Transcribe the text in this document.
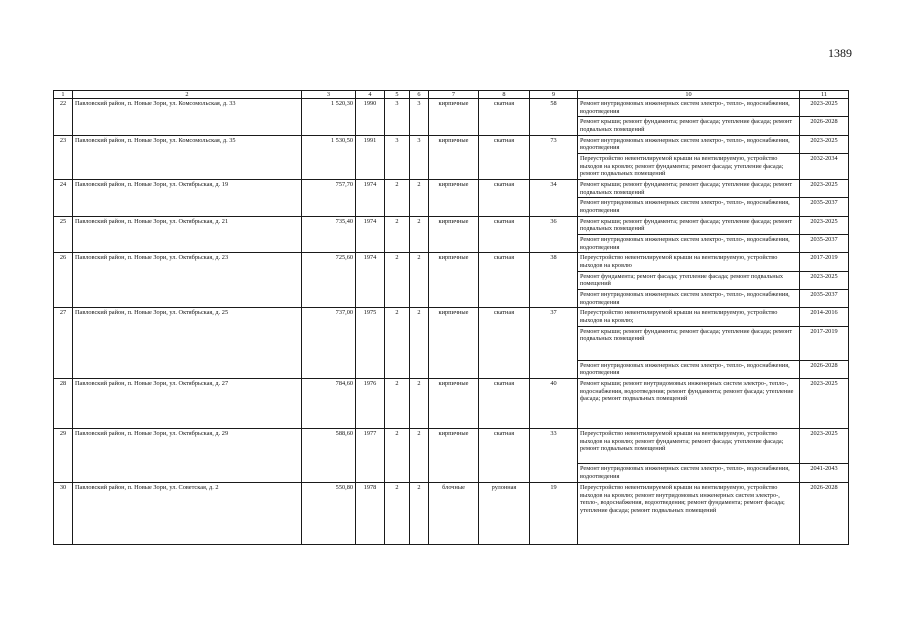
1389
1	2	3	4	5	6	7	8	9	10	11
22	Павловский район, п. Новые Зори, ул. Комсомольская, д. 33	1 520,30	1990	3	3	кирпичные	скатная	58	Ремонт внутридомовых инженерных систем электро-, тепло-, водоснабжения, водоотведения	2023-2025
									Ремонт крыши; ремонт фундамента; ремонт фасада; утепление фасада; ремонт подвальных помещений	2026-2028
23	Павловский район, п. Новые Зори, ул. Комсомольская, д. 35	1 530,50	1991	3	3	кирпичные	скатная	73	Ремонт внутридомовых инженерных систем электро-, тепло-, водоснабжения, водоотведения	2023-2025
									Переустройство невентилируемой крыши на вентилируемую, устройство выходов на кровлю; ремонт фундамента; ремонт фасада; утепление фасада; ремонт подвальных помещений	2032-2034
24	Павловский район, п. Новые Зори, ул. Октябрьская, д. 19	757,70	1974	2	2	кирпичные	скатная	34	Ремонт крыши; ремонт фундамента; ремонт фасада; утепление фасада; ремонт подвальных помещений	2023-2025
									Ремонт внутридомовых инженерных систем электро-, тепло-, водоснабжения, водоотведения	2035-2037
25	Павловский район, п. Новые Зори, ул. Октябрьская, д. 21	735,40	1974	2	2	кирпичные	скатная	36	Ремонт крыши; ремонт фундамента; ремонт фасада; утепление фасада; ремонт подвальных помещений	2023-2025
									Ремонт внутридомовых инженерных систем электро-, тепло-, водоснабжения, водоотведения	2035-2037
26	Павловский район, п. Новые Зори, ул. Октябрьская, д. 23	725,60	1974	2	2	кирпичные	скатная	38	Переустройство невентилируемой крыши на вентилируемую, устройство выходов на кровлю	2017-2019
									Ремонт фундамента; ремонт фасада; утепление фасада; ремонт подвальных помещений	2023-2025
									Ремонт внутридомовых инженерных систем электро-, тепло-, водоснабжения, водоотведения	2035-2037
27	Павловский район, п. Новые Зори, ул. Октябрьская, д. 25	737,00	1975	2	2	кирпичные	скатная	37	Переустройство невентилируемой крыши на вентилируемую, устройство выходов на кровлю;	2014-2016
									Ремонт крыши; ремонт фундамента; ремонт фасада; утепление фасада; ремонт подвальных помещений	2017-2019
									Ремонт внутридомовых инженерных систем электро-, тепло-, водоснабжения, водоотведения	2026-2028
28	Павловский район, п. Новые Зори, ул. Октябрьская, д. 27	784,60	1976	2	2	кирпичные	скатная	40	Ремонт крыши; ремонт внутридомовых инженерных систем электро-, тепло-, водоснабжения, водоотведения; ремонт фундамента; ремонт фасада; утепление фасада; ремонт подвальных помещений	2023-2025
29	Павловский район, п. Новые Зори, ул. Октябрьская, д. 29	588,60	1977	2	2	кирпичные	скатная	33	Переустройство невентилируемой крыши на вентилируемую, устройство выходов на кровлю; ремонт фундамента; ремонт фасада; утепление фасада; ремонт подвальных помещений	2023-2025
									Ремонт внутридомовых инженерных систем электро-, тепло-, водоснабжения, водоотведения	2041-2043
30	Павловский район, п. Новые Зори, ул. Советская, д. 2	550,80	1978	2	2	блочные	рулонная	19	Переустройство невентилируемой крыши на вентилируемую, устройство выходов на кровлю; ремонт внутридомовых инженерных систем электро-, тепло-, водоснабжения, водоотведения; ремонт фундамента; ремонт фасада; утепление фасада; ремонт подвальных помещений	2026-2028
